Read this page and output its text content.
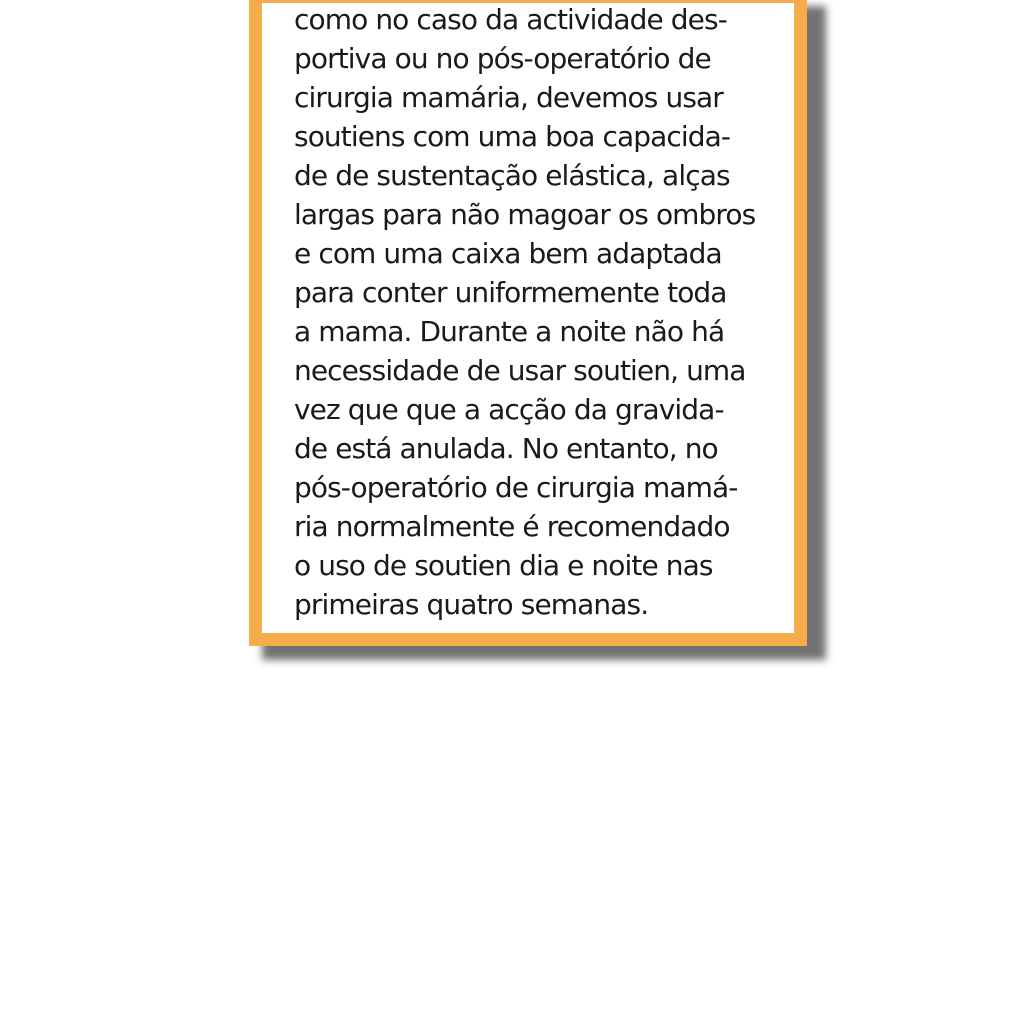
como no caso da actividade des-
portiva ou no pós-operatório de
cirurgia mamária, devemos usar
soutiens com uma boa capacida-
de de sustentação elástica, alças
largas para não magoar os ombros
e com uma caixa bem adaptada
para conter uniformemente toda
a mama. Durante a noite não há
necessidade de usar soutien, uma
vez que que a acção da gravida-
de está anulada. No entanto, no
pós-operatório de cirurgia mamá-
ria normalmente é recomendado
o uso de soutien dia e noite nas
primeiras quatro semanas.
